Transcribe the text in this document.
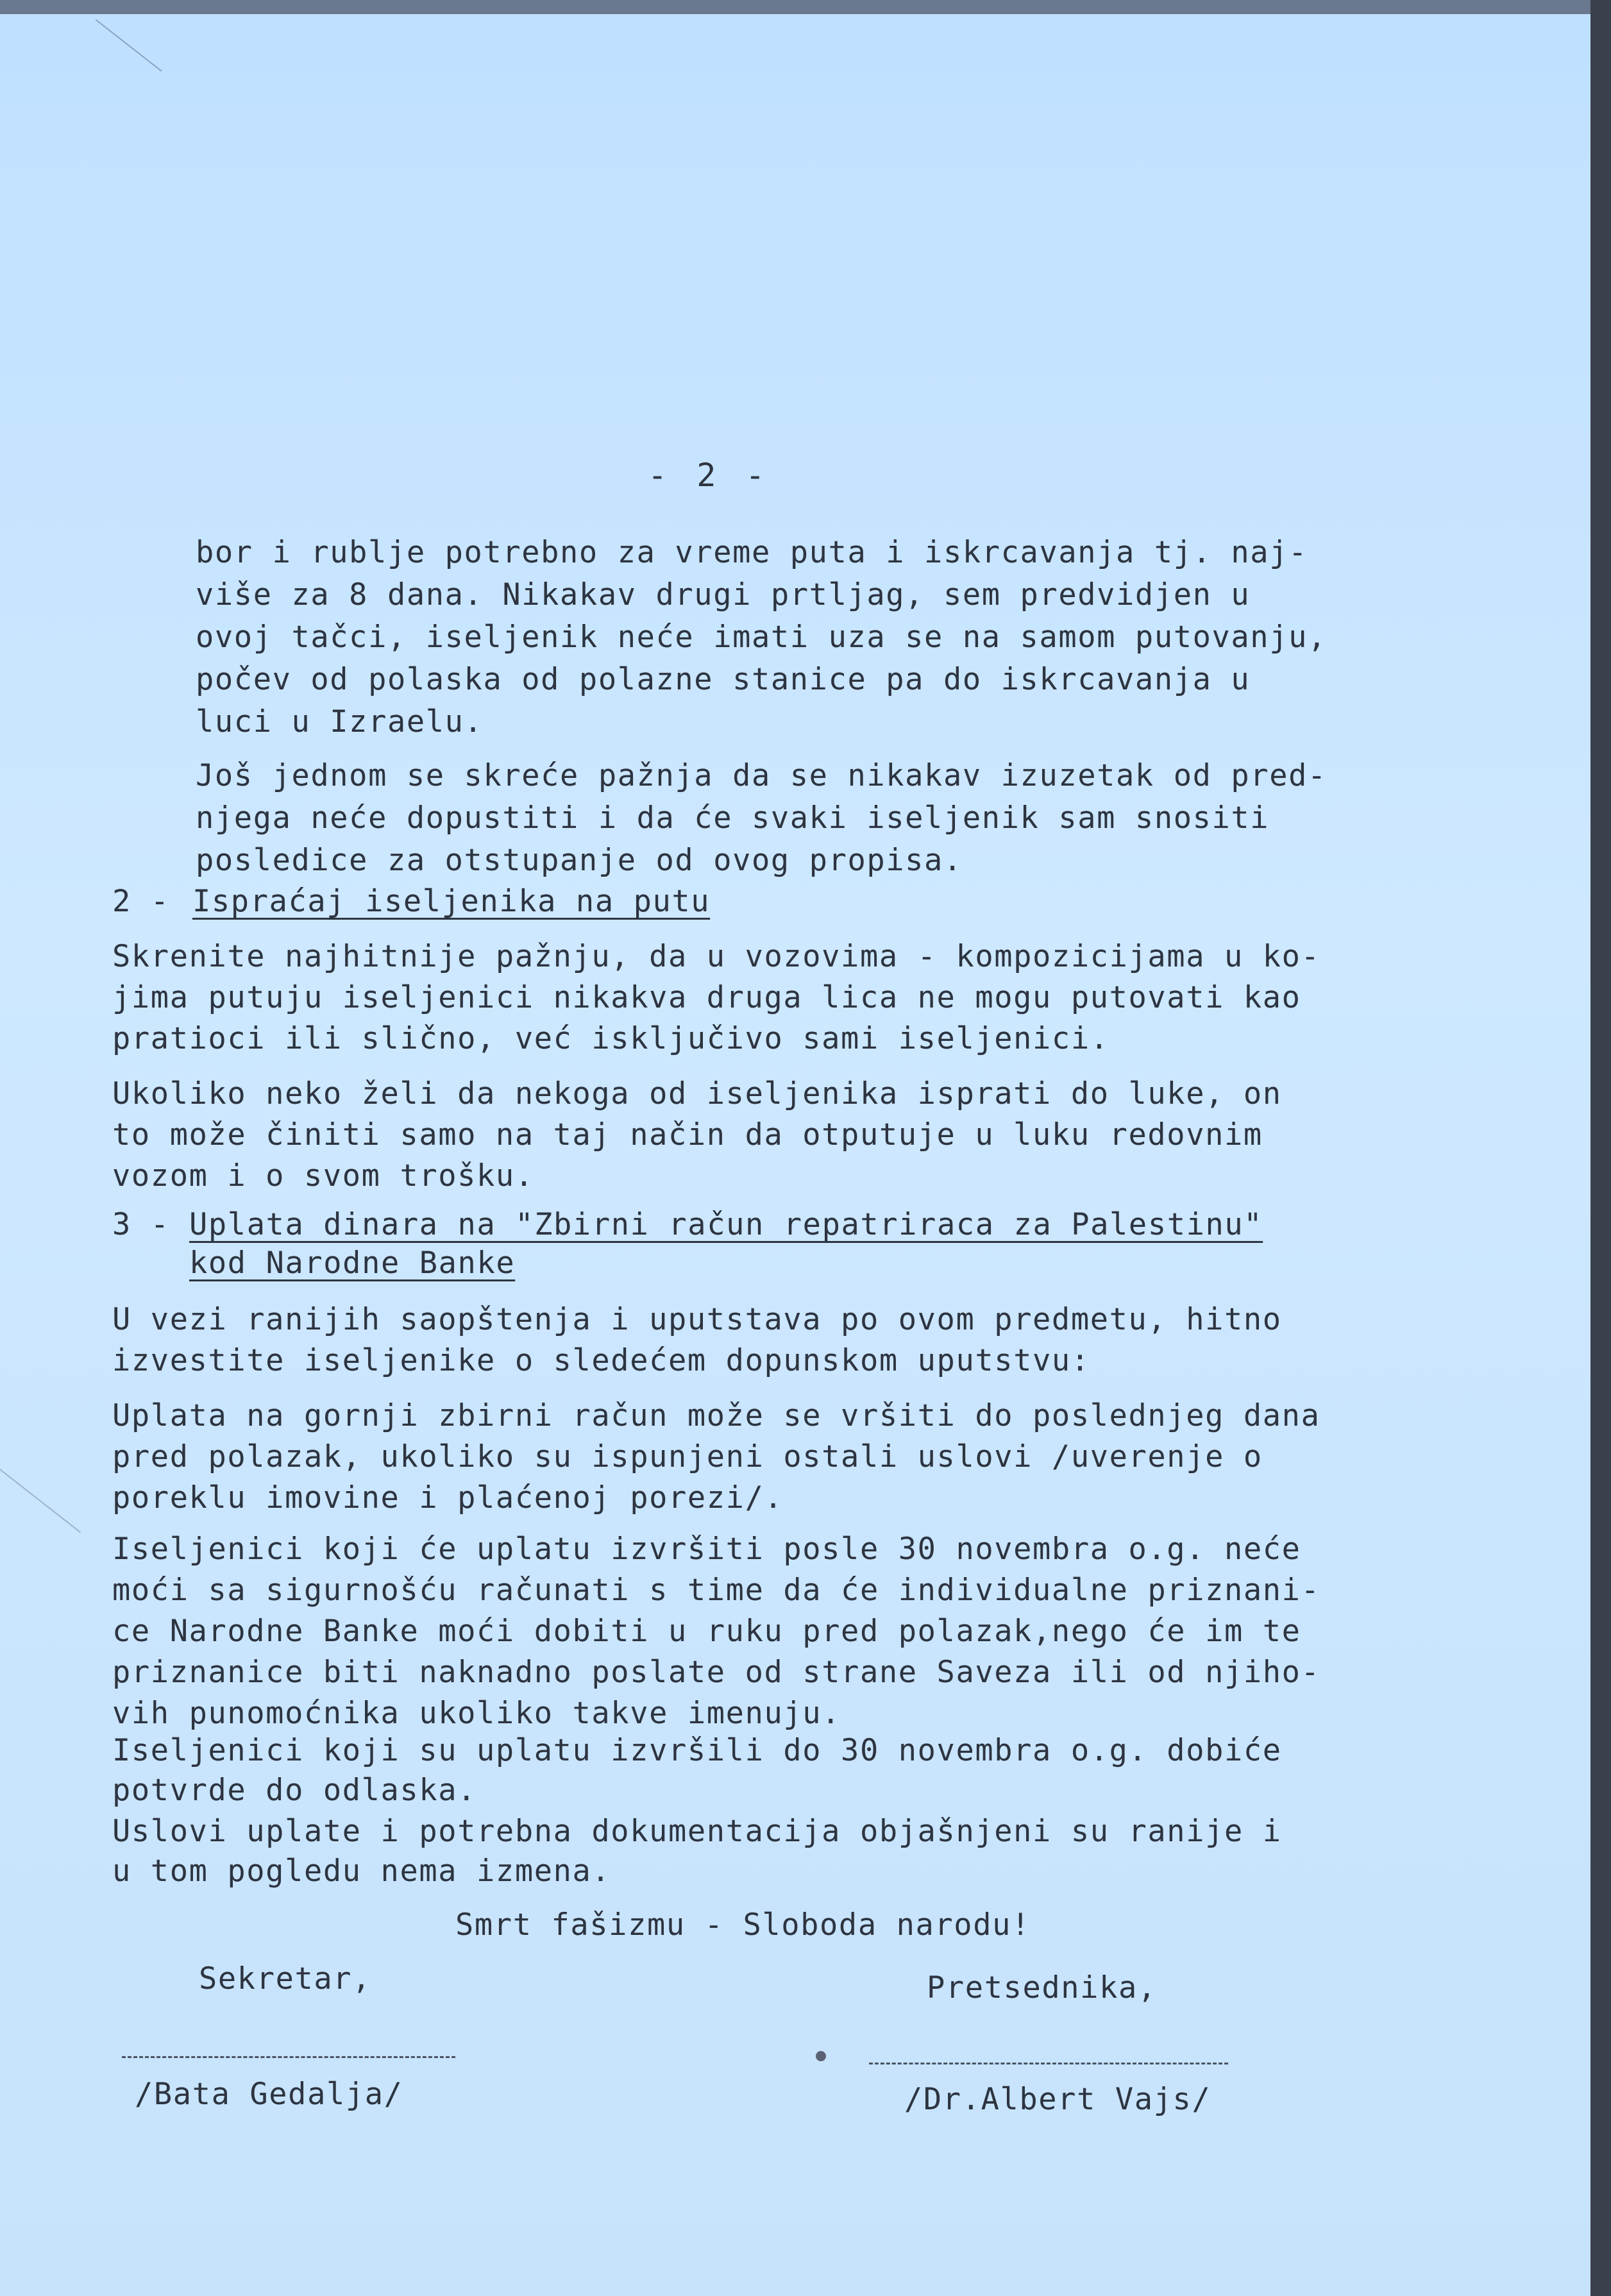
- 2 -
bor i rublje potrebno za vreme puta i iskrcavanja tj. naj-
više za 8 dana. Nikakav drugi prtljag, sem predvidjen u
ovoj tačci, iseljenik neće imati uza se na samom putovanju,
počev od polaska od polazne stanice pa do iskrcavanja u
luci u Izraelu.
Još jednom se skreće pažnja da se nikakav izuzetak od pred-
njega neće dopustiti i da će svaki iseljenik sam snositi
posledice za otstupanje od ovog propisa.
2 - Ispraćaj iseljenika na putu
Skrenite najhitnije pažnju, da u vozovima - kompozicijama u ko-
jima putuju iseljenici nikakva druga lica ne mogu putovati kao
pratioci ili slično, već isključivo sami iseljenici.
Ukoliko neko želi da nekoga od iseljenika isprati do luke, on
to može činiti samo na taj način da otputuje u luku redovnim
vozom i o svom trošku.
3 - Uplata dinara na "Zbirni račun repatriraca za Palestinu"
kod Narodne Banke
U vezi ranijih saopštenja i uputstava po ovom predmetu, hitno
izvestite iseljenike o sledećem dopunskom uputstvu:
Uplata na gornji zbirni račun može se vršiti do poslednjeg dana
pred polazak, ukoliko su ispunjeni ostali uslovi /uverenje o
poreklu imovine i plaćenoj porezi/.
Iseljenici koji će uplatu izvršiti posle 30 novembra o.g. neće
moći sa sigurnošću računati s time da će individualne priznani-
ce Narodne Banke moći dobiti u ruku pred polazak,nego će im te
priznanice biti naknadno poslate od strane Saveza ili od njiho-
vih punomoćnika ukoliko takve imenuju.
Iseljenici koji su uplatu izvršili do 30 novembra o.g. dobiće
potvrde do odlaska.
Uslovi uplate i potrebna dokumentacija objašnjeni su ranije i
u tom pogledu nema izmena.
Smrt fašizmu - Sloboda narodu!
Sekretar,	Pretsednika,
/Bata Gedalja/	/Dr.Albert Vajs/
